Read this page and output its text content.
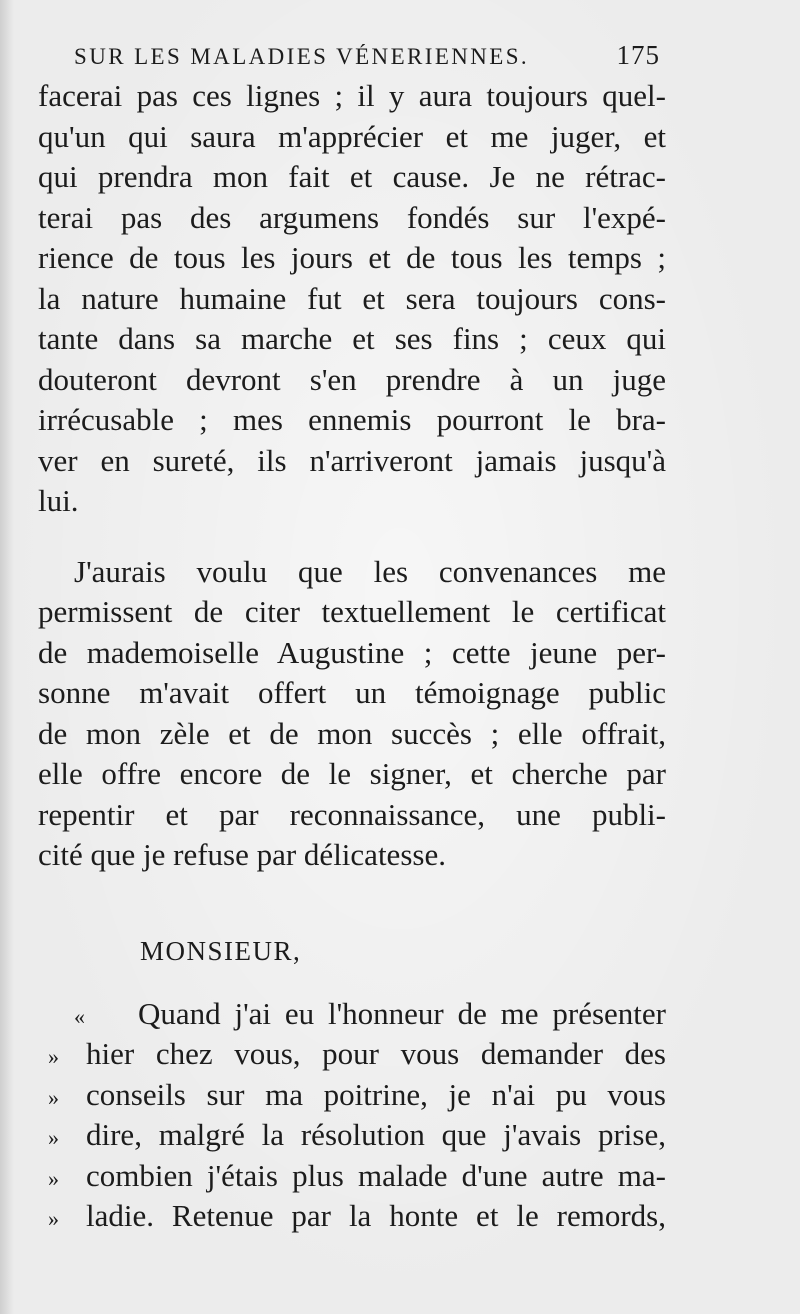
SUR LES MALADIES VÉNERIENNES.	175
facerai pas ces lignes ; il y aura toujours quel-
qu'un qui saura m'apprécier et me juger, et
qui prendra mon fait et cause. Je ne rétrac-
terai pas des argumens fondés sur l'expé-
rience de tous les jours et de tous les temps ;
la nature humaine fut et sera toujours cons-
tante dans sa marche et ses fins ; ceux qui
douteront devront s'en prendre à un juge
irrécusable ; mes ennemis pourront le bra-
ver en sureté, ils n'arriveront jamais jusqu'à
lui.
J'aurais voulu que les convenances me
permissent de citer textuellement le certificat
de mademoiselle Augustine ; cette jeune per-
sonne m'avait offert un témoignage public
de mon zèle et de mon succès ; elle offrait,
elle offre encore de le signer, et cherche par
repentir et par reconnaissance, une publi-
cité que je refuse par délicatesse.
MONSIEUR,
«	Quand j'ai eu l'honneur de me présenter
» hier chez vous, pour vous demander des
» conseils sur ma poitrine, je n'ai pu vous
» dire, malgré la résolution que j'avais prise,
» combien j'étais plus malade d'une autre ma-
» ladie. Retenue par la honte et le remords,
